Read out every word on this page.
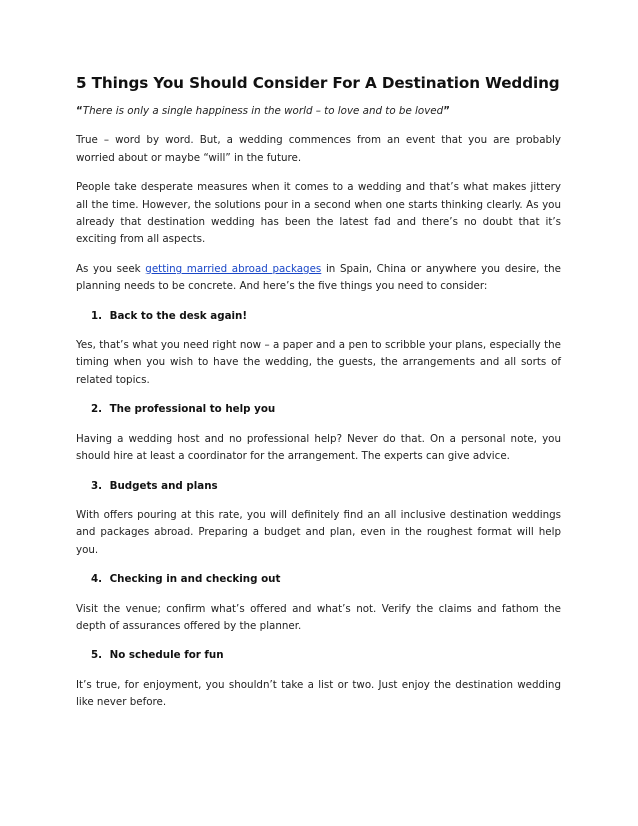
5 Things You Should Consider For A Destination Wedding

“There is only a single happiness in the world – to love and to be loved”

True – word by word. But, a wedding commences from an event that you are probably worried about or maybe “will” in the future.

People take desperate measures when it comes to a wedding and that’s what makes jittery all the time. However, the solutions pour in a second when one starts thinking clearly. As you already that destination wedding has been the latest fad and there’s no doubt that it’s exciting from all aspects.

As you seek getting married abroad packages in Spain, China or anywhere you desire, the planning needs to be concrete. And here’s the five things you need to consider:

1. Back to the desk again!

Yes, that’s what you need right now – a paper and a pen to scribble your plans, especially the timing when you wish to have the wedding, the guests, the arrangements and all sorts of related topics.

2. The professional to help you

Having a wedding host and no professional help? Never do that. On a personal note, you should hire at least a coordinator for the arrangement. The experts can give advice.

3. Budgets and plans

With offers pouring at this rate, you will definitely find an all inclusive destination weddings and packages abroad. Preparing a budget and plan, even in the roughest format will help you.

4. Checking in and checking out

Visit the venue; confirm what’s offered and what’s not. Verify the claims and fathom the depth of assurances offered by the planner.

5. No schedule for fun

It’s true, for enjoyment, you shouldn’t take a list or two. Just enjoy the destination wedding like never before.
